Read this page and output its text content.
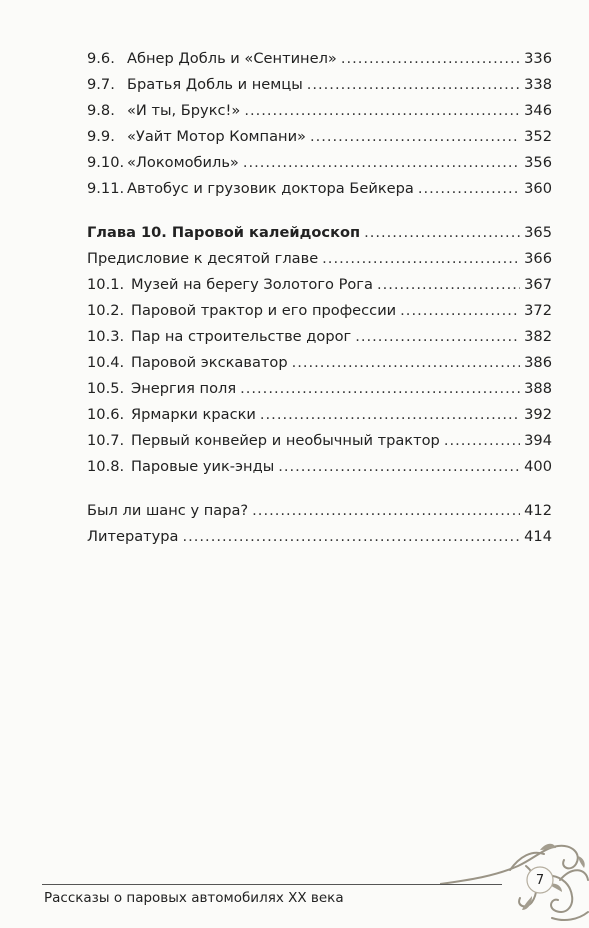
9.6. Абнер Добль и «Сентинел» .....	336
9.7. Братья Добль и немцы .....	338
9.8. «И ты, Брукс!» .....	346
9.9. «Уайт Мотор Компани» .....	352
9.10. «Локомобиль» .....	356
9.11. Автобус и грузовик доктора Бейкера .....	360
Глава 10. Паровой калейдоскоп .....	365
Предисловие к десятой главе .....	366
10.1. Музей на берегу Золотого Рога .....	367
10.2. Паровой трактор и его профессии .....	372
10.3. Пар на строительстве дорог .....	382
10.4. Паровой экскаватор .....	386
10.5. Энергия поля .....	388
10.6. Ярмарки краски .....	392
10.7. Первый конвейер и необычный трактор .....	394
10.8. Паровые уик-энды .....	400
Был ли шанс у пара? .....	412
Литература .....	414
7
Рассказы о паровых автомобилях XX века
